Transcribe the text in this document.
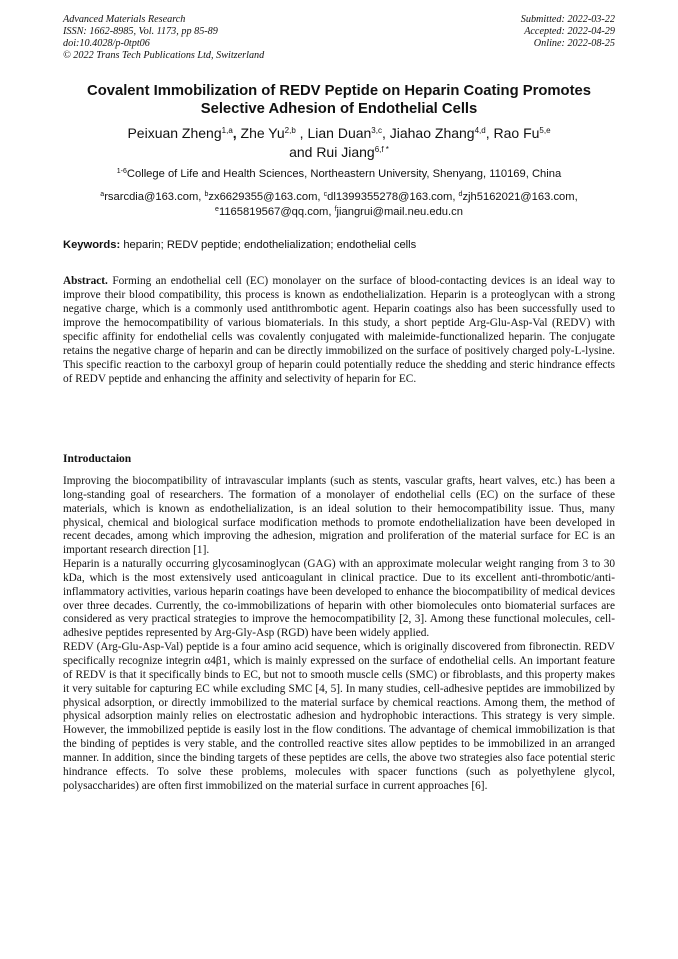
Advanced Materials Research
ISSN: 1662-8985, Vol. 1173, pp 85-89
doi:10.4028/p-0tpt06
© 2022 Trans Tech Publications Ltd, Switzerland
Submitted: 2022-03-22
Accepted: 2022-04-29
Online: 2022-08-25
Covalent Immobilization of REDV Peptide on Heparin Coating Promotes
Selective Adhesion of Endothelial Cells
Peixuan Zheng$^{1,a}$, Zhe Yu$^{2,b}$ , Lian Duan$^{3,c}$, Jiahao Zhang$^{4,d}$, Rao Fu$^{5,e}$
and Rui Jiang$^{6,f *}$
$^{1-6}$College of Life and Health Sciences, Northeastern University, Shenyang, 110169, China
$^a$rsarcdia@163.com, $^b$zx6629355@163.com, $^c$dl1399355278@163.com, $^d$zjh5162021@163.com,
$^e$1165819567@qq.com, $^f$jiangrui@mail.neu.edu.cn
Keywords: heparin; REDV peptide; endothelialization; endothelial cells
Abstract. Forming an endothelial cell (EC) monolayer on the surface of blood-contacting devices is an ideal way to improve their blood compatibility, this process is known as endothelialization. Heparin is a proteoglycan with a strong negative charge, which is a commonly used antithrombotic agent. Heparin coatings also has been successfully used to improve the hemocompatibility of various biomaterials. In this study, a short peptide Arg-Glu-Asp-Val (REDV) with specific affinity for endothelial cells was covalently conjugated with maleimide-functionalized heparin. The conjugate retains the negative charge of heparin and can be directly immobilized on the surface of positively charged poly-L-lysine. This specific reaction to the carboxyl group of heparin could potentially reduce the shedding and steric hindrance effects of REDV peptide and enhancing the affinity and selectivity of heparin for EC.
Introductaion

Improving the biocompatibility of intravascular implants (such as stents, vascular grafts, heart valves, etc.) has been a long-standing goal of researchers. The formation of a monolayer of endothelial cells (EC) on the surface of these materials, which is known as endothelialization, is an ideal solution to their hemocompatibility issue. Thus, many physical, chemical and biological surface modification methods to promote endothelialization have been developed in recent decades, among which improving the adhesion, migration and proliferation of the material surface for EC is an important research direction [1].

Heparin is a naturally occurring glycosaminoglycan (GAG) with an approximate molecular weight ranging from 3 to 30 kDa, which is the most extensively used anticoagulant in clinical practice. Due to its excellent anti-thrombotic/anti-inflammatory activities, various heparin coatings have been developed to enhance the biocompatibility of medical devices over three decades. Currently, the co-immobilizations of heparin with other biomolecules onto biomaterial surfaces are considered as very practical strategies to improve the hemocompatibility [2, 3]. Among these functional molecules, cell-adhesive peptides represented by Arg-Gly-Asp (RGD) have been widely applied.

REDV (Arg-Glu-Asp-Val) peptide is a four amino acid sequence, which is originally discovered from fibronectin. REDV specifically recognize integrin α4β1, which is mainly expressed on the surface of endothelial cells. An important feature of REDV is that it specifically binds to EC, but not to smooth muscle cells (SMC) or fibroblasts, and this property makes it very suitable for capturing EC while excluding SMC [4, 5]. In many studies, cell-adhesive peptides are immobilized by physical adsorption, or directly immobilized to the material surface by chemical reactions. Among them, the method of physical adsorption mainly relies on electrostatic adhesion and hydrophobic interactions. This strategy is very simple. However, the immobilized peptide is easily lost in the flow conditions. The advantage of chemical immobilization is that the binding of peptides is very stable, and the controlled reactive sites allow peptides to be immobilized in an arranged manner. In addition, since the binding targets of these peptides are cells, the above two strategies also face potential steric hindrance effects. To solve these problems, molecules with spacer functions (such as polyethylene glycol, polysaccharides) are often first immobilized on the material surface in current approaches [6].
